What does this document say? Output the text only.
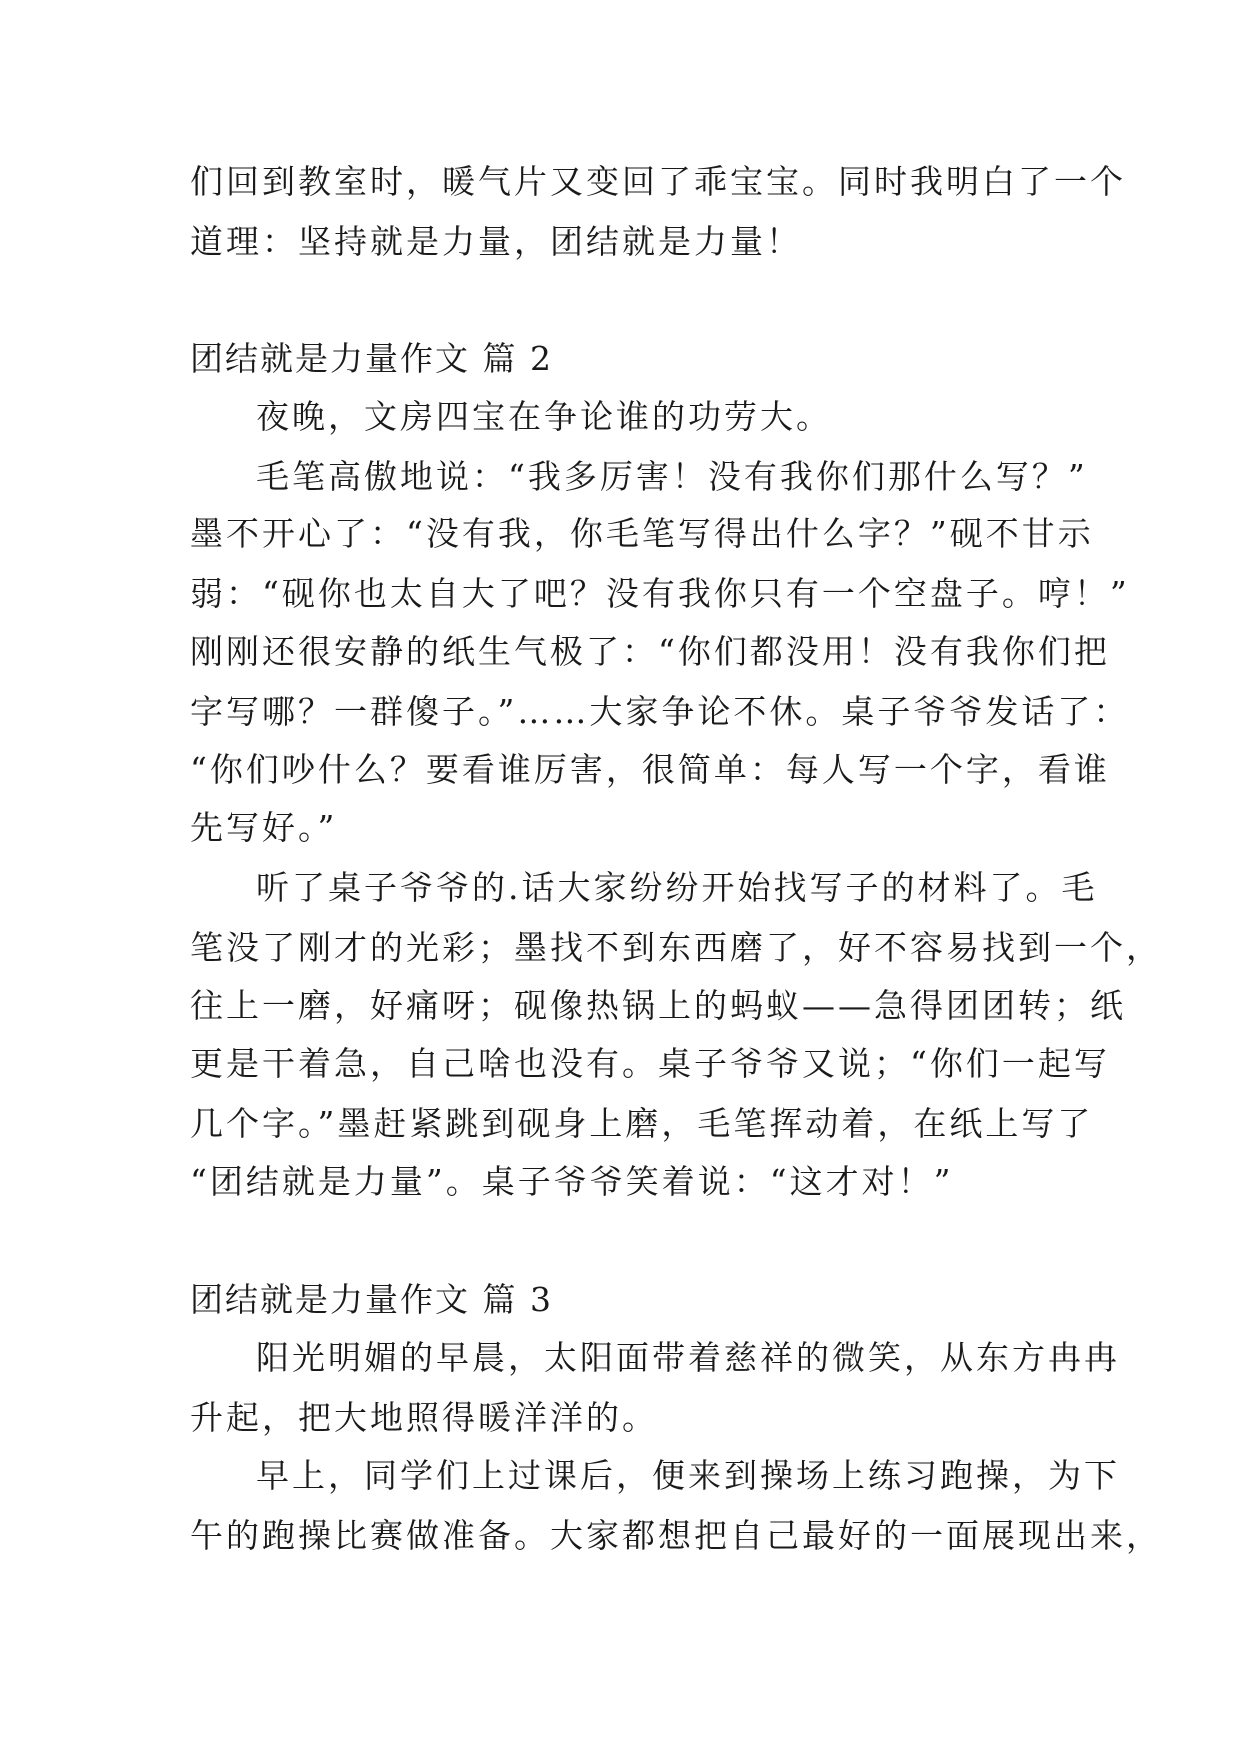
们回到教室时，暖气片又变回了乖宝宝。同时我明白了一个
道理：坚持就是力量，团结就是力量！
团结就是力量作文 篇 2
夜晚，文房四宝在争论谁的功劳大。
毛笔高傲地说：“我多厉害！没有我你们那什么写？”
墨不开心了：“没有我，你毛笔写得出什么字？”砚不甘示
弱：“砚你也太自大了吧？没有我你只有一个空盘子。哼！”
刚刚还很安静的纸生气极了：“你们都没用！没有我你们把
字写哪？一群傻子。”……大家争论不休。桌子爷爷发话了：
“你们吵什么？要看谁厉害，很简单：每人写一个字，看谁
先写好。”
听了桌子爷爷的.话大家纷纷开始找写子的材料了。毛
笔没了刚才的光彩；墨找不到东西磨了，好不容易找到一个，
往上一磨，好痛呀；砚像热锅上的蚂蚁——急得团团转；纸
更是干着急，自己啥也没有。桌子爷爷又说；“你们一起写
几个字。”墨赶紧跳到砚身上磨，毛笔挥动着，在纸上写了
“团结就是力量”。桌子爷爷笑着说：“这才对！”
团结就是力量作文 篇 3
阳光明媚的早晨，太阳面带着慈祥的微笑，从东方冉冉
升起，把大地照得暖洋洋的。
早上，同学们上过课后，便来到操场上练习跑操，为下
午的跑操比赛做准备。大家都想把自己最好的一面展现出来，
